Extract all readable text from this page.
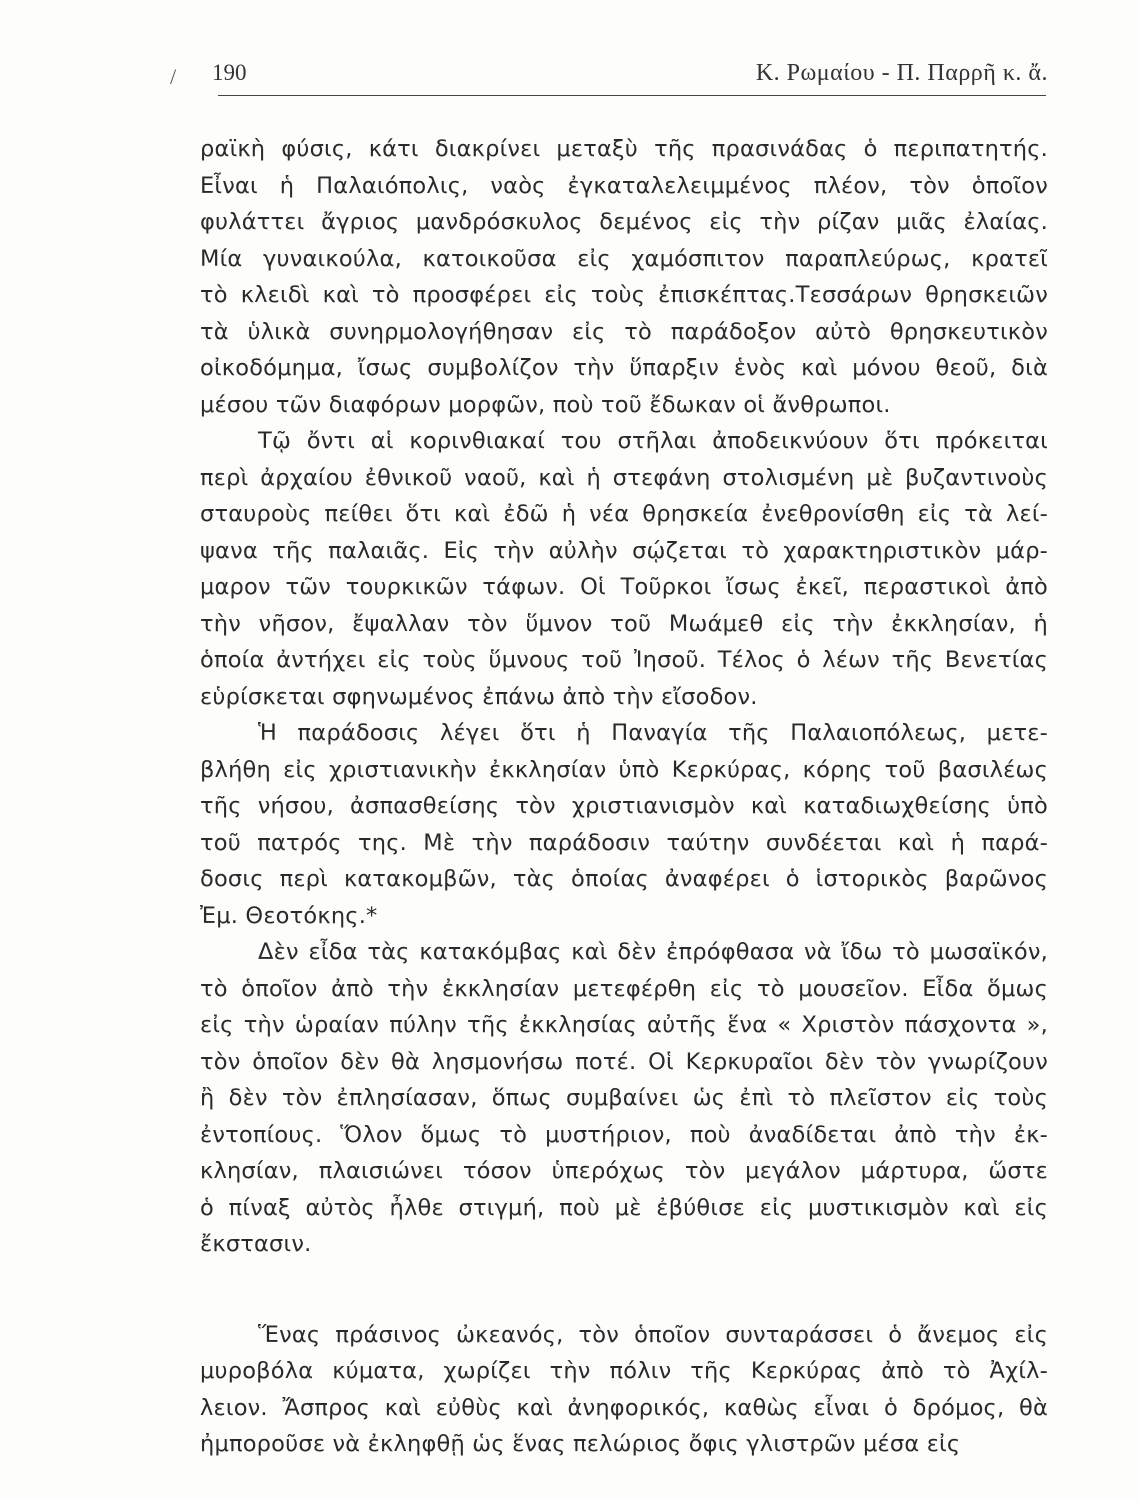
/ 190	Κ. Ρωμαίου - Π. Παρρῆ κ. ἄ.
ραϊκὴ φύσις, κάτι διακρίνει μεταξὺ τῆς πρασινάδας ὁ περιπατητής.
Εἶναι ἡ Παλαιόπολις, ναὸς ἐγκαταλελειμμένος πλέον, τὸν ὁποῖον
φυλάττει ἄγριος μανδρόσκυλος δεμένος εἰς τὴν ρίζαν μιᾶς ἐλαίας.
Μία γυναικούλα, κατοικοῦσα εἰς χαμόσπιτον παραπλεύρως, κρατεῖ
τὸ κλειδὶ καὶ τὸ προσφέρει εἰς τοὺς ἐπισκέπτας.Τεσσάρων θρησκειῶν
τὰ ὑλικὰ συνηρμολογήθησαν εἰς τὸ παράδοξον αὐτὸ θρησκευτικὸν
οἰκοδόμημα, ἴσως συμβολίζον τὴν ὕπαρξιν ἑνὸς καὶ μόνου θεοῦ, διὰ
μέσου τῶν διαφόρων μορφῶν, ποὺ τοῦ ἔδωκαν οἱ ἄνθρωποι.
Τῷ ὄντι αἱ κορινθιακαί του στῆλαι ἀποδεικνύουν ὅτι πρόκειται
περὶ ἀρχαίου ἐθνικοῦ ναοῦ, καὶ ἡ στεφάνη στολισμένη μὲ βυζαντινοὺς
σταυροὺς πείθει ὅτι καὶ ἐδῶ ἡ νέα θρησκεία ἐνεθρονίσθη εἰς τὰ λεί-
ψανα τῆς παλαιᾶς. Εἰς τὴν αὐλὴν σῴζεται τὸ χαρακτηριστικὸν μάρ-
μαρον τῶν τουρκικῶν τάφων. Οἱ Τοῦρκοι ἴσως ἐκεῖ, περαστικοὶ ἀπὸ
τὴν νῆσον, ἔψαλλαν τὸν ὕμνον τοῦ Μωάμεθ εἰς τὴν ἐκκλησίαν, ἡ
ὁποία ἀντήχει εἰς τοὺς ὕμνους τοῦ Ἰησοῦ. Τέλος ὁ λέων τῆς Βενετίας
εὑρίσκεται σφηνωμένος ἐπάνω ἀπὸ τὴν εἴσοδον.
Ἡ παράδοσις λέγει ὅτι ἡ Παναγία τῆς Παλαιοπόλεως, μετε-
βλήθη εἰς χριστιανικὴν ἐκκλησίαν ὑπὸ Κερκύρας, κόρης τοῦ βασιλέως
τῆς νήσου, ἀσπασθείσης τὸν χριστιανισμὸν καὶ καταδιωχθείσης ὑπὸ
τοῦ πατρός της. Μὲ τὴν παράδοσιν ταύτην συνδέεται καὶ ἡ παρά-
δοσις περὶ κατακομβῶν, τὰς ὁποίας ἀναφέρει ὁ ἱστορικὸς βαρῶνος
Ἐμ. Θεοτόκης.*
Δὲν εἶδα τὰς κατακόμβας καὶ δὲν ἐπρόφθασα νὰ ἴδω τὸ μωσαϊκόν,
τὸ ὁποῖον ἀπὸ τὴν ἐκκλησίαν μετεφέρθη εἰς τὸ μουσεῖον. Εἶδα ὅμως
εἰς τὴν ὡραίαν πύλην τῆς ἐκκλησίας αὐτῆς ἕνα « Χριστὸν πάσχοντα »,
τὸν ὁποῖον δὲν θὰ λησμονήσω ποτέ. Οἱ Κερκυραῖοι δὲν τὸν γνωρίζουν
ἢ δὲν τὸν ἐπλησίασαν, ὅπως συμβαίνει ὡς ἐπὶ τὸ πλεῖστον εἰς τοὺς
ἐντοπίους. Ὅλον ὅμως τὸ μυστήριον, ποὺ ἀναδίδεται ἀπὸ τὴν ἐκ-
κλησίαν, πλαισιώνει τόσον ὑπερόχως τὸν μεγάλον μάρτυρα, ὥστε
ὁ πίναξ αὐτὸς ἦλθε στιγμή, ποὺ μὲ ἐβύθισε εἰς μυστικισμὸν καὶ εἰς
ἔκστασιν.
Ἕνας πράσινος ὠκεανός, τὸν ὁποῖον συνταράσσει ὁ ἄνεμος εἰς
μυροβόλα κύματα, χωρίζει τὴν πόλιν τῆς Κερκύρας ἀπὸ τὸ Ἀχίλ-
λειον. Ἄσπρος καὶ εὐθὺς καὶ ἀνηφορικός, καθὼς εἶναι ὁ δρόμος, θὰ
ἠμποροῦσε νὰ ἐκληφθῇ ὡς ἕνας πελώριος ὄφις γλιστρῶν μέσα εἰς
